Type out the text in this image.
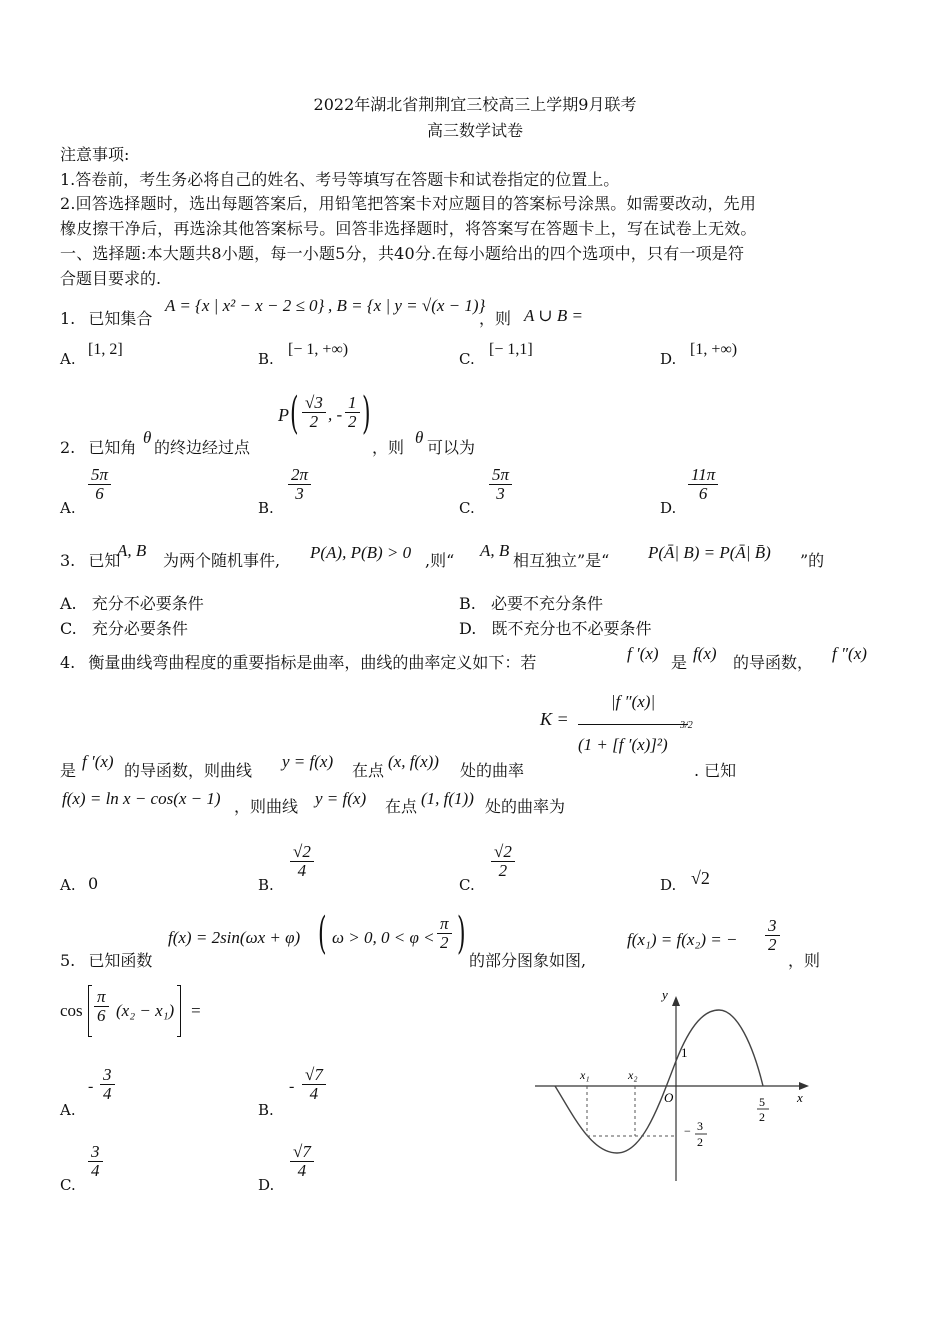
2022年湖北省荆荆宜三校高三上学期9月联考
高三数学试卷
注意事项:
1.答卷前，考生务必将自己的姓名、考号等填写在答题卡和试卷指定的位置上。
2.回答选择题时，选出每题答案后，用铅笔把答案卡对应题目的答案标号涂黑。如需要改动，先用
橡皮擦干净后，再选涂其他答案标号。回答非选择题时，将答案写在答题卡上，写在试卷上无效。
一、选择题:本大题共8小题，每一小题5分，共40分.在每小题给出的四个选项中，只有一项是符
合题目要求的.
1. 已知集合
A = {x | x² − x − 2 ≤ 0} , B = {x | y = √(x − 1)}
，则 A ∪ B =
A.
[1, 2]
B.
[− 1, +∞)
C.
[− 1,1]
D.
[1, +∞)
2. 已知角
θ
的终边经过点
P ( $\frac{√3}{2}$ , - $\frac{1}{2}$ )
，则
θ
可以为
A.
$\frac{5\pi}{6}$
B.
$\frac{2\pi}{3}$
C.
$\frac{5\pi}{3}$
D.
$\frac{11\pi}{6}$
3. 已知
A, B
为两个随机事件, P(A), P(B) > 0 ,则“
A, B
相互独立”是“ P(Ā| B) = P(Ā| B̄) ”的
A. 充分不必要条件	B. 必要不充分条件
C. 充分必要条件	D. 既不充分也不必要条件
4. 衡量曲线弯曲程度的重要指标是曲率，曲线的曲率定义如下：若	f ′(x) 是 f(x) 的导函数， f ″(x)
K =
|f ″(x)|
(1 + [f ′(x)]²)
3/2
是 f ′(x) 的导函数，则曲线 y = f(x) 在点 (x, f(x)) 处的曲率	. 已知
f(x) = ln x − cos(x − 1) ，则曲线 y = f(x) 在点 (1, f(1)) 处的曲率为
A. 0	B.
$\frac{√2}{4}$
C.
$\frac{√2}{2}$
D. √2
5. 已知函数
f(x) = 2sin(ωx + φ) ( ω > 0, $0 < \varphi < \frac{\pi}{2}$ )
的部分图象如图,
f(x₁) = f(x₂) = − $\frac{3}{2}$
，则
$\cos \frac{\pi}{6} (x_2 - x_1)$ =
A.
- $\frac{3}{4}$
B.
- $\frac{√7}{4}$
C.
$\frac{3}{4}$
D.
$\frac{√7}{4}$
y
x
O
x₁	x₂
1
5
2
− 3
2
